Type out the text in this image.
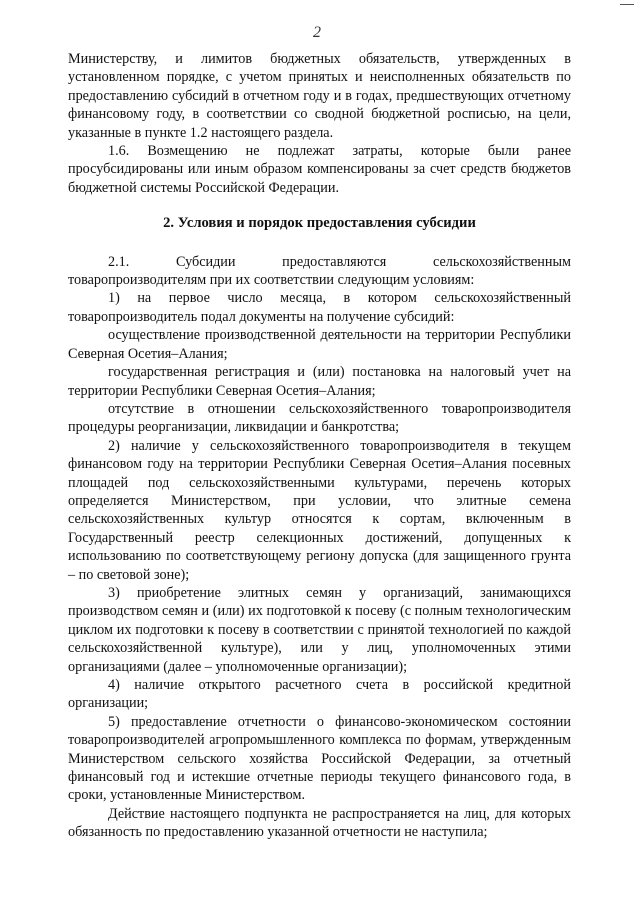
2

Министерству, и лимитов бюджетных обязательств, утвержденных в установленном порядке, с учетом принятых и неисполненных обязательств по предоставлению субсидий в отчетном году и в годах, предшествующих отчетному финансовому году, в соответствии со сводной бюджетной росписью, на цели, указанные в пункте 1.2 настоящего раздела.

1.6. Возмещению не подлежат затраты, которые были ранее просубсидированы или иным образом компенсированы за счет средств бюджетов бюджетной системы Российской Федерации.

2. Условия и порядок предоставления субсидии

2.1. Субсидии предоставляются сельскохозяйственным товаропроизводителям при их соответствии следующим условиям:

1) на первое число месяца, в котором сельскохозяйственный товаропроизводитель подал документы на получение субсидий:

осуществление производственной деятельности на территории Республики Северная Осетия–Алания;

государственная регистрация и (или) постановка на налоговый учет на территории Республики Северная Осетия–Алания;

отсутствие в отношении сельскохозяйственного товаропроизводителя процедуры реорганизации, ликвидации и банкротства;

2) наличие у сельскохозяйственного товаропроизводителя в текущем финансовом году на территории Республики Северная Осетия–Алания посевных площадей под сельскохозяйственными культурами, перечень которых определяется Министерством, при условии, что элитные семена сельскохозяйственных культур относятся к сортам, включенным в Государственный реестр селекционных достижений, допущенных к использованию по соответствующему региону допуска (для защищенного грунта – по световой зоне);

3) приобретение элитных семян у организаций, занимающихся производством семян и (или) их подготовкой к посеву (с полным технологическим циклом их подготовки к посеву в соответствии с принятой технологией по каждой сельскохозяйственной культуре), или у лиц, уполномоченных этими организациями (далее – уполномоченные организации);

4) наличие открытого расчетного счета в российской кредитной организации;

5) предоставление отчетности о финансово-экономическом состоянии товаропроизводителей агропромышленного комплекса по формам, утвержденным Министерством сельского хозяйства Российской Федерации, за отчетный финансовый год и истекшие отчетные периоды текущего финансового года, в сроки, установленные Министерством.

Действие настоящего подпункта не распространяется на лиц, для которых обязанность по предоставлению указанной отчетности не наступила;
